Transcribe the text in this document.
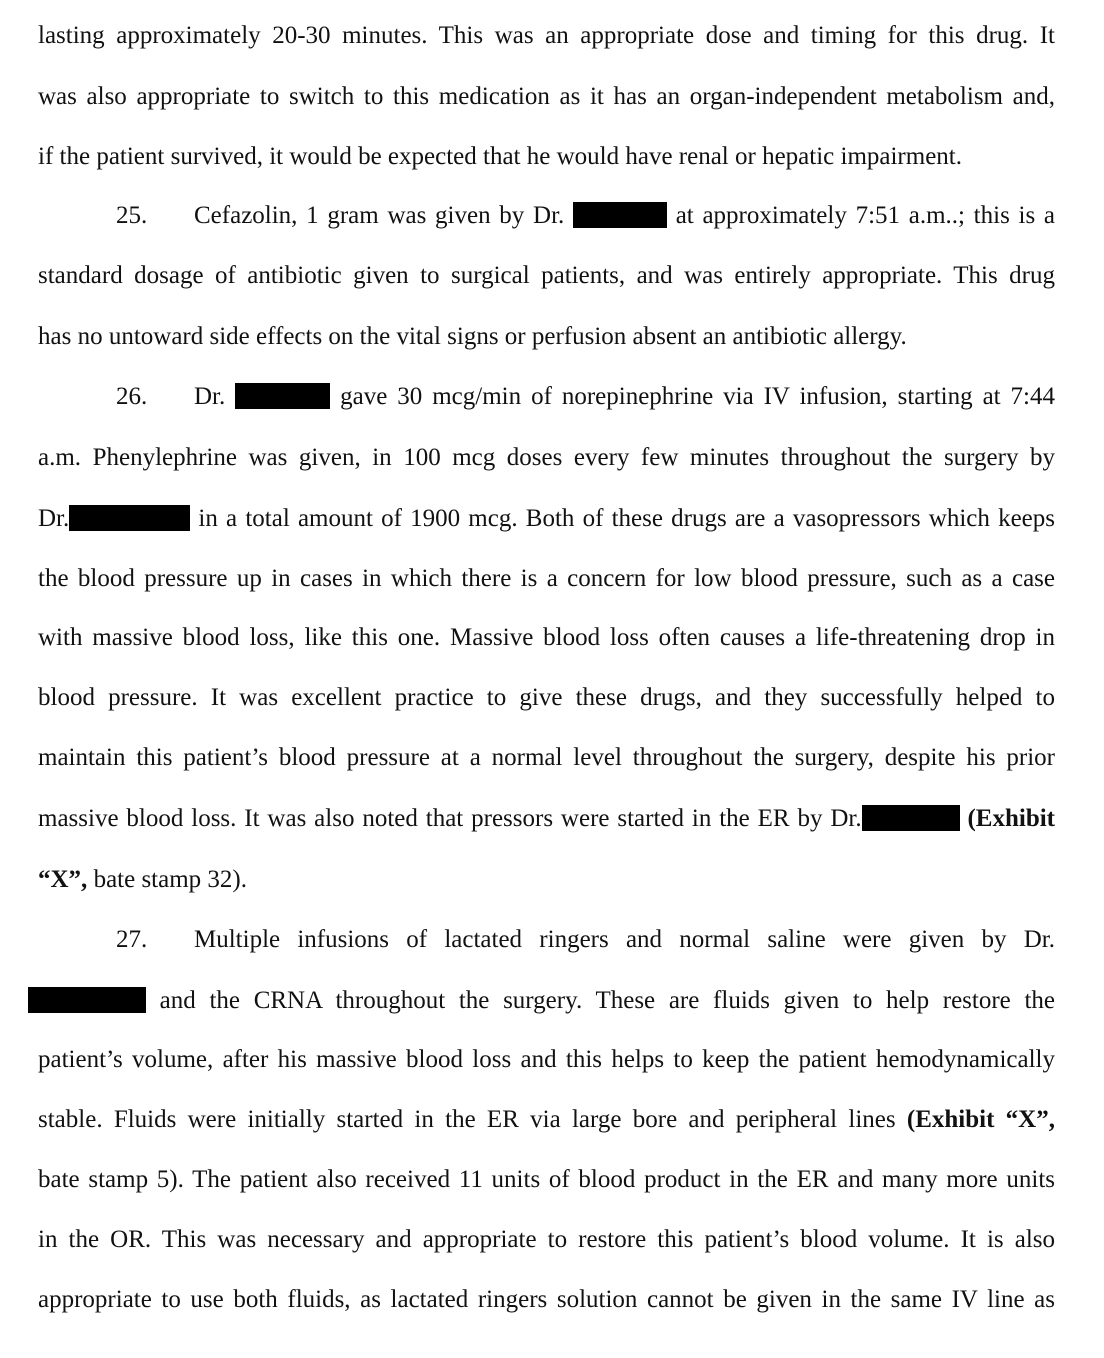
lasting approximately 20-30 minutes. This was an appropriate dose and timing for this drug. It
was also appropriate to switch to this medication as it has an organ-independent metabolism and,
if the patient survived, it would be expected that he would have renal or hepatic impairment.
25. Cefazolin, 1 gram was given by Dr.	at approximately 7:51 a.m..; this is a
standard dosage of antibiotic given to surgical patients, and was entirely appropriate. This drug
has no untoward side effects on the vital signs or perfusion absent an antibiotic allergy.
26. Dr.	gave 30 mcg/min of norepinephrine via IV infusion, starting at 7:44
a.m. Phenylephrine was given, in 100 mcg doses every few minutes throughout the surgery by
Dr.	in a total amount of 1900 mcg. Both of these drugs are a vasopressors which keeps
the blood pressure up in cases in which there is a concern for low blood pressure, such as a case
with massive blood loss, like this one. Massive blood loss often causes a life-threatening drop in
blood pressure. It was excellent practice to give these drugs, and they successfully helped to
maintain this patient’s blood pressure at a normal level throughout the surgery, despite his prior
massive blood loss. It was also noted that pressors were started in the ER by Dr.	(Exhibit
“X”, bate stamp 32).
27. Multiple infusions of lactated ringers and normal saline were given by Dr.
and the CRNA throughout the surgery. These are fluids given to help restore the
patient’s volume, after his massive blood loss and this helps to keep the patient hemodynamically
stable. Fluids were initially started in the ER via large bore and peripheral lines (Exhibit “X”,
bate stamp 5). The patient also received 11 units of blood product in the ER and many more units
in the OR. This was necessary and appropriate to restore this patient’s blood volume. It is also
appropriate to use both fluids, as lactated ringers solution cannot be given in the same IV line as
